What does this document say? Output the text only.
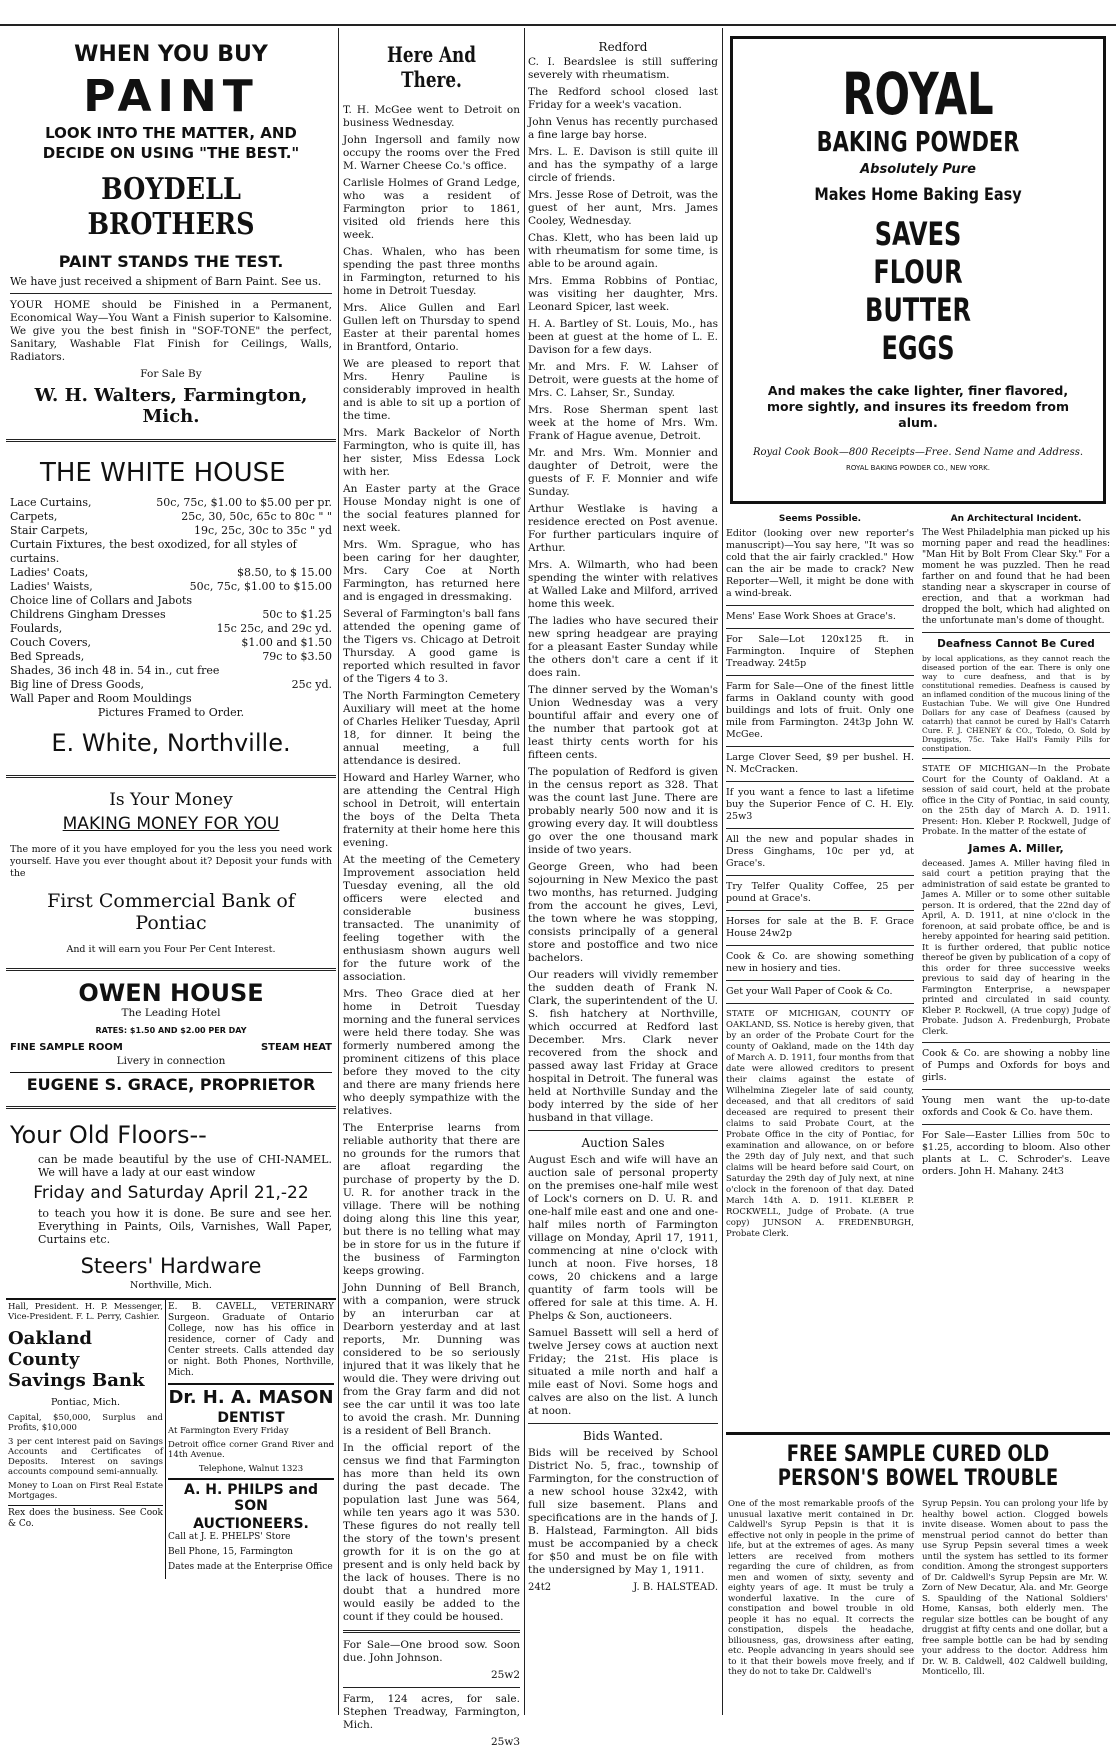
WHEN YOU BUY
PAINT
LOOK INTO THE MATTER, AND
DECIDE ON USING "THE BEST."
BOYDELL BROTHERS
PAINT STANDS THE TEST.

We have just received a shipment of Barn Paint. See us.

YOUR HOME should be Finished in a Permanent, Economical Way—You Want a Finish superior to Kalsomine. We give you the best finish in "SOF-TONE" the perfect, Sanitary, Washable Flat Finish for Ceilings, Walls, Radiators.

For Sale By

W. H. Walters, Farmington, Mich.
THE WHITE HOUSE
Lace Curtains,	50c, 75c, $1.00 to $5.00 per pr.
Carpets,	25c, 30, 50c, 65c to 80c " "
Stair Carpets,	19c, 25c, 30c to 35c " yd
Curtain Fixtures, the best oxodized, for all styles of curtains.
Ladies' Coats,	$8.50, to $ 15.00
Ladies' Waists,	50c, 75c, $1.00 to $15.00
Choice line of Collars and Jabots
Childrens Gingham Dresses	50c to $1.25
Foulards,	15c 25c, and 29c yd.
Couch Covers,	$1.00 and $1.50
Bed Spreads,	79c to $3.50
Shades, 36 inch 48 in. 54 in., cut free
Big line of Dress Goods,	25c yd.
Wall Paper and Room Mouldings

Pictures Framed to Order.

E. White, Northville.
Is Your Money
MAKING MONEY FOR YOU

The more of it you have employed for you the less you need work yourself. Have you ever thought about it? Deposit your funds with the

First Commercial Bank of Pontiac

And it will earn you Four Per Cent Interest.

OWEN HOUSE

The Leading Hotel

RATES: $1.50 AND $2.00 PER DAY

FINE SAMPLE ROOM	STEAM HEAT

Livery in connection

EUGENE S. GRACE, PROPRIETOR
Your Old Floors--

can be made beautiful by the use of CHI-NAMEL. We will have a lady at our east window

Friday and Saturday April 21,-22

to teach you how it is done. Be sure and see her. Everything in Paints, Oils, Varnishes, Wall Paper, Curtains etc.

Steers' Hardware

Northville, Mich.

Hall, President. H. P. Messenger, Vice-President. F. L. Perry, Cashier.

Oakland County Savings Bank

Pontiac, Mich.

Capital, $50,000, Surplus and Profits, $10,000

3 per cent interest paid on Savings Accounts and Certificates of Deposits. Interest on savings accounts compound semi-annually.

Money to Loan on First Real Estate Mortgages.

Rex does the business. See Cook & Co.

E. B. CAVELL, VETERINARY Surgeon. Graduate of Ontario College, now has his office in residence, corner of Cady and Center streets. Calls attended day or night. Both Phones, Northville, Mich.

Dr. H. A. MASON
DENTIST

At Farmington Every Friday

Detroit office corner Grand River and 14th Avenue.

Telephone, Walnut 1323

A. H. PHILPS and SON
AUCTIONEERS.

Call at J. E. PHELPS' Store

Bell Phone, 15, Farmington

Dates made at the Enterprise Office

Here And There.

T. H. McGee went to Detroit on business Wednesday.

John Ingersoll and family now occupy the rooms over the Fred M. Warner Cheese Co.'s office.

Carlisle Holmes of Grand Ledge, who was a resident of Farmington prior to 1861, visited old friends here this week.

Chas. Whalen, who has been spending the past three months in Farmington, returned to his home in Detroit Tuesday.

Mrs. Alice Gullen and Earl Gullen left on Thursday to spend Easter at their parental homes in Brantford, Ontario.

We are pleased to report that Mrs. Henry Pauline is considerably improved in health and is able to sit up a portion of the time.

Mrs. Mark Backelor of North Farmington, who is quite ill, has her sister, Miss Edessa Lock with her.

An Easter party at the Grace House Monday night is one of the social features planned for next week.

Mrs. Wm. Sprague, who has been caring for her daughter, Mrs. Cary Coe at North Farmington, has returned here and is engaged in dressmaking.

Several of Farmington's ball fans attended the opening game of the Tigers vs. Chicago at Detroit Thursday. A good game is reported which resulted in favor of the Tigers 4 to 3.

The North Farmington Cemetery Auxiliary will meet at the home of Charles Heliker Tuesday, April 18, for dinner. It being the annual meeting, a full attendance is desired.

Howard and Harley Warner, who are attending the Central High school in Detroit, will entertain the boys of the Delta Theta fraternity at their home here this evening.

At the meeting of the Cemetery Improvement association held Tuesday evening, all the old officers were elected and considerable business transacted. The unanimity of feeling together with the enthusiasm shown augurs well for the future work of the association.

Mrs. Theo Grace died at her home in Detroit Tuesday morning and the funeral services were held there today. She was formerly numbered among the prominent citizens of this place before they moved to the city and there are many friends here who deeply sympathize with the relatives.

The Enterprise learns from reliable authority that there are no grounds for the rumors that are afloat regarding the purchase of property by the D. U. R. for another track in the village. There will be nothing doing along this line this year, but there is no telling what may be in store for us in the future if the business of Farmington keeps growing.

John Dunning of Bell Branch, with a companion, were struck by an interurban car at Dearborn yesterday and at last reports, Mr. Dunning was considered to be so seriously injured that it was likely that he would die. They were driving out from the Gray farm and did not see the car until it was too late to avoid the crash. Mr. Dunning is a resident of Bell Branch.

In the official report of the census we find that Farmington has more than held its own during the past decade. The population last June was 564, while ten years ago it was 530. These figures do not really tell the story of the town's present growth for it is on the go at present and is only held back by the lack of houses. There is no doubt that a hundred more would easily be added to the count if they could be housed.

For Sale—One brood sow. Soon due. John Johnson.

25w2

Farm, 124 acres, for sale. Stephen Treadway, Farmington, Mich.

25w3

Redford

C. I. Beardslee is still suffering severely with rheumatism.

The Redford school closed last Friday for a week's vacation.

John Venus has recently purchased a fine large bay horse.

Mrs. L. E. Davison is still quite ill and has the sympathy of a large circle of friends.

Mrs. Jesse Rose of Detroit, was the guest of her aunt, Mrs. James Cooley, Wednesday.

Chas. Klett, who has been laid up with rheumatism for some time, is able to be around again.

Mrs. Emma Robbins of Pontiac, was visiting her daughter, Mrs. Leonard Spicer, last week.

H. A. Bartley of St. Louis, Mo., has been at guest at the home of L. E. Davison for a few days.

Mr. and Mrs. F. W. Lahser of Detroit, were guests at the home of Mrs. C. Lahser, Sr., Sunday.

Mrs. Rose Sherman spent last week at the home of Mrs. Wm. Frank of Hague avenue, Detroit.

Mr. and Mrs. Wm. Monnier and daughter of Detroit, were the guests of F. F. Monnier and wife Sunday.

Arthur Westlake is having a residence erected on Post avenue. For further particulars inquire of Arthur.

Mrs. A. Wilmarth, who had been spending the winter with relatives at Walled Lake and Milford, arrived home this week.

The ladies who have secured their new spring headgear are praying for a pleasant Easter Sunday while the others don't care a cent if it does rain.

The dinner served by the Woman's Union Wednesday was a very bountiful affair and every one of the number that partook got at least thirty cents worth for his fifteen cents.

The population of Redford is given in the census report as 328. That was the count last June. There are probably nearly 500 now and it is growing every day. It will doubtless go over the one thousand mark inside of two years.

George Green, who had been sojourning in New Mexico the past two months, has returned. Judging from the account he gives, Levi, the town where he was stopping, consists principally of a general store and postoffice and two nice bachelors.

Our readers will vividly remember the sudden death of Frank N. Clark, the superintendent of the U. S. fish hatchery at Northville, which occurred at Redford last December. Mrs. Clark never recovered from the shock and passed away last Friday at Grace hospital in Detroit. The funeral was held at Northville Sunday and the body interred by the side of her husband in that village.

Auction Sales

August Esch and wife will have an auction sale of personal property on the premises one-half mile west of Lock's corners on D. U. R. and one-half mile east and one and one-half miles north of Farmington village on Monday, April 17, 1911, commencing at nine o'clock with lunch at noon. Five horses, 18 cows, 20 chickens and a large quantity of farm tools will be offered for sale at this time. A. H. Phelps & Son, auctioneers.

Samuel Bassett will sell a herd of twelve Jersey cows at auction next Friday; the 21st. His place is situated a mile north and half a mile east of Novi. Some hogs and calves are also on the list. A lunch at noon.

Bids Wanted.

Bids will be received by School District No. 5, frac., township of Farmington, for the construction of a new school house 32x42, with full size basement. Plans and specifications are in the hands of J. B. Halstead, Farmington. All bids must be accompanied by a check for $50 and must be on file with the undersigned by May 1, 1911.

24t2	J. B. HALSTEAD.
ROYAL
BAKING POWDER
Absolutely Pure
Makes Home Baking Easy
SAVES
FLOUR
BUTTER
EGGS
And makes the cake lighter, finer flavored, more sightly, and insures its freedom from alum.
Royal Cook Book—800 Receipts—Free. Send Name and Address.
ROYAL BAKING POWDER CO., NEW YORK.
Seems Possible.

Editor (looking over new reporter's manuscript)—You say here, "It was so cold that the air fairly crackled." How can the air be made to crack? New Reporter—Well, it might be done with a wind-break.

Mens' Ease Work Shoes at Grace's.

For Sale—Lot 120x125 ft. in Farmington. Inquire of Stephen Treadway. 24t5p

Farm for Sale—One of the finest little farms in Oakland county with good buildings and lots of fruit. Only one mile from Farmington. 24t3p John W. McGee.

Large Clover Seed, $9 per bushel. H. N. McCracken.

If you want a fence to last a lifetime buy the Superior Fence of C. H. Ely. 25w3

All the new and popular shades in Dress Ginghams, 10c per yd, at Grace's.

Try Telfer Quality Coffee, 25 per pound at Grace's.

Horses for sale at the B. F. Grace House 24w2p

Cook & Co. are showing something new in hosiery and ties.

Get your Wall Paper of Cook & Co.

STATE OF MICHIGAN, COUNTY OF OAKLAND, SS. Notice is hereby given, that by an order of the Probate Court for the county of Oakland, made on the 14th day of March A. D. 1911, four months from that date were allowed creditors to present their claims against the estate of Wilhelmina Ziegeler late of said county, deceased, and that all creditors of said deceased are required to present their claims to said Probate Court, at the Probate Office in the city of Pontiac, for examination and allowance, on or before the 29th day of July next, and that such claims will be heard before said Court, on Saturday the 29th day of July next, at nine o'clock in the forenoon of that day. Dated March 14th A. D. 1911. KLEBER P. ROCKWELL, Judge of Probate. (A true copy) JUNSON A. FREDENBURGH, Probate Clerk.

An Architectural Incident.

The West Philadelphia man picked up his morning paper and read the headlines: "Man Hit by Bolt From Clear Sky." For a moment he was puzzled. Then he read farther on and found that he had been standing near a skyscraper in course of erection, and that a workman had dropped the bolt, which had alighted on the unfortunate man's dome of thought.

Deafness Cannot Be Cured

by local applications, as they cannot reach the diseased portion of the ear. There is only one way to cure deafness, and that is by constitutional remedies. Deafness is caused by an inflamed condition of the mucous lining of the Eustachian Tube. We will give One Hundred Dollars for any case of Deafness (caused by catarrh) that cannot be cured by Hall's Catarrh Cure. F. J. CHENEY & CO., Toledo, O. Sold by Druggists, 75c. Take Hall's Family Pills for constipation.

STATE OF MICHIGAN—In the Probate Court for the County of Oakland. At a session of said court, held at the probate office in the City of Pontiac, in said county, on the 25th day of March A. D. 1911. Present: Hon. Kleber P. Rockwell, Judge of Probate. In the matter of the estate of

James A. Miller,

deceased. James A. Miller having filed in said court a petition praying that the administration of said estate be granted to James A. Miller or to some other suitable person. It is ordered, that the 22nd day of April, A. D. 1911, at nine o'clock in the forenoon, at said probate office, be and is hereby appointed for hearing said petition. It is further ordered, that public notice thereof be given by publication of a copy of this order for three successive weeks previous to said day of hearing in the Farmington Enterprise, a newspaper printed and circulated in said county. Kleber P. Rockwell, (A true copy) Judge of Probate. Judson A. Fredenburgh, Probate Clerk.

Cook & Co. are showing a nobby line of Pumps and Oxfords for boys and girls.

Young men want the up-to-date oxfords and Cook & Co. have them.

For Sale—Easter Lillies from 50c to $1.25, according to bloom. Also other plants at L. C. Schroder's. Leave orders. John H. Mahany. 24t3

FREE SAMPLE CURED OLD PERSON'S BOWEL TROUBLE

One of the most remarkable proofs of the unusual laxative merit contained in Dr. Caldwell's Syrup Pepsin is that it is effective not only in people in the prime of life, but at the extremes of ages. As many letters are received from mothers regarding the cure of children, as from men and women of sixty, seventy and eighty years of age. It must be truly a wonderful laxative. In the cure of constipation and bowel trouble in old people it has no equal. It corrects the constipation, dispels the headache, biliousness, gas, drowsiness after eating, etc. People advancing in years should see to it that their bowels move freely, and if they do not to take Dr. Caldwell's

Syrup Pepsin. You can prolong your life by healthy bowel action. Clogged bowels invite disease. Women about to pass the menstrual period cannot do better than use Syrup Pepsin several times a week until the system has settled to its former condition. Among the strongest supporters of Dr. Caldwell's Syrup Pepsin are Mr. W. Zorn of New Decatur, Ala. and Mr. George S. Spaulding of the National Soldiers' Home, Kansas, both elderly men. The regular size bottles can be bought of any druggist at fifty cents and one dollar, but a free sample bottle can be had by sending your address to the doctor. Address him Dr. W. B. Caldwell, 402 Caldwell building, Monticello, Ill.
